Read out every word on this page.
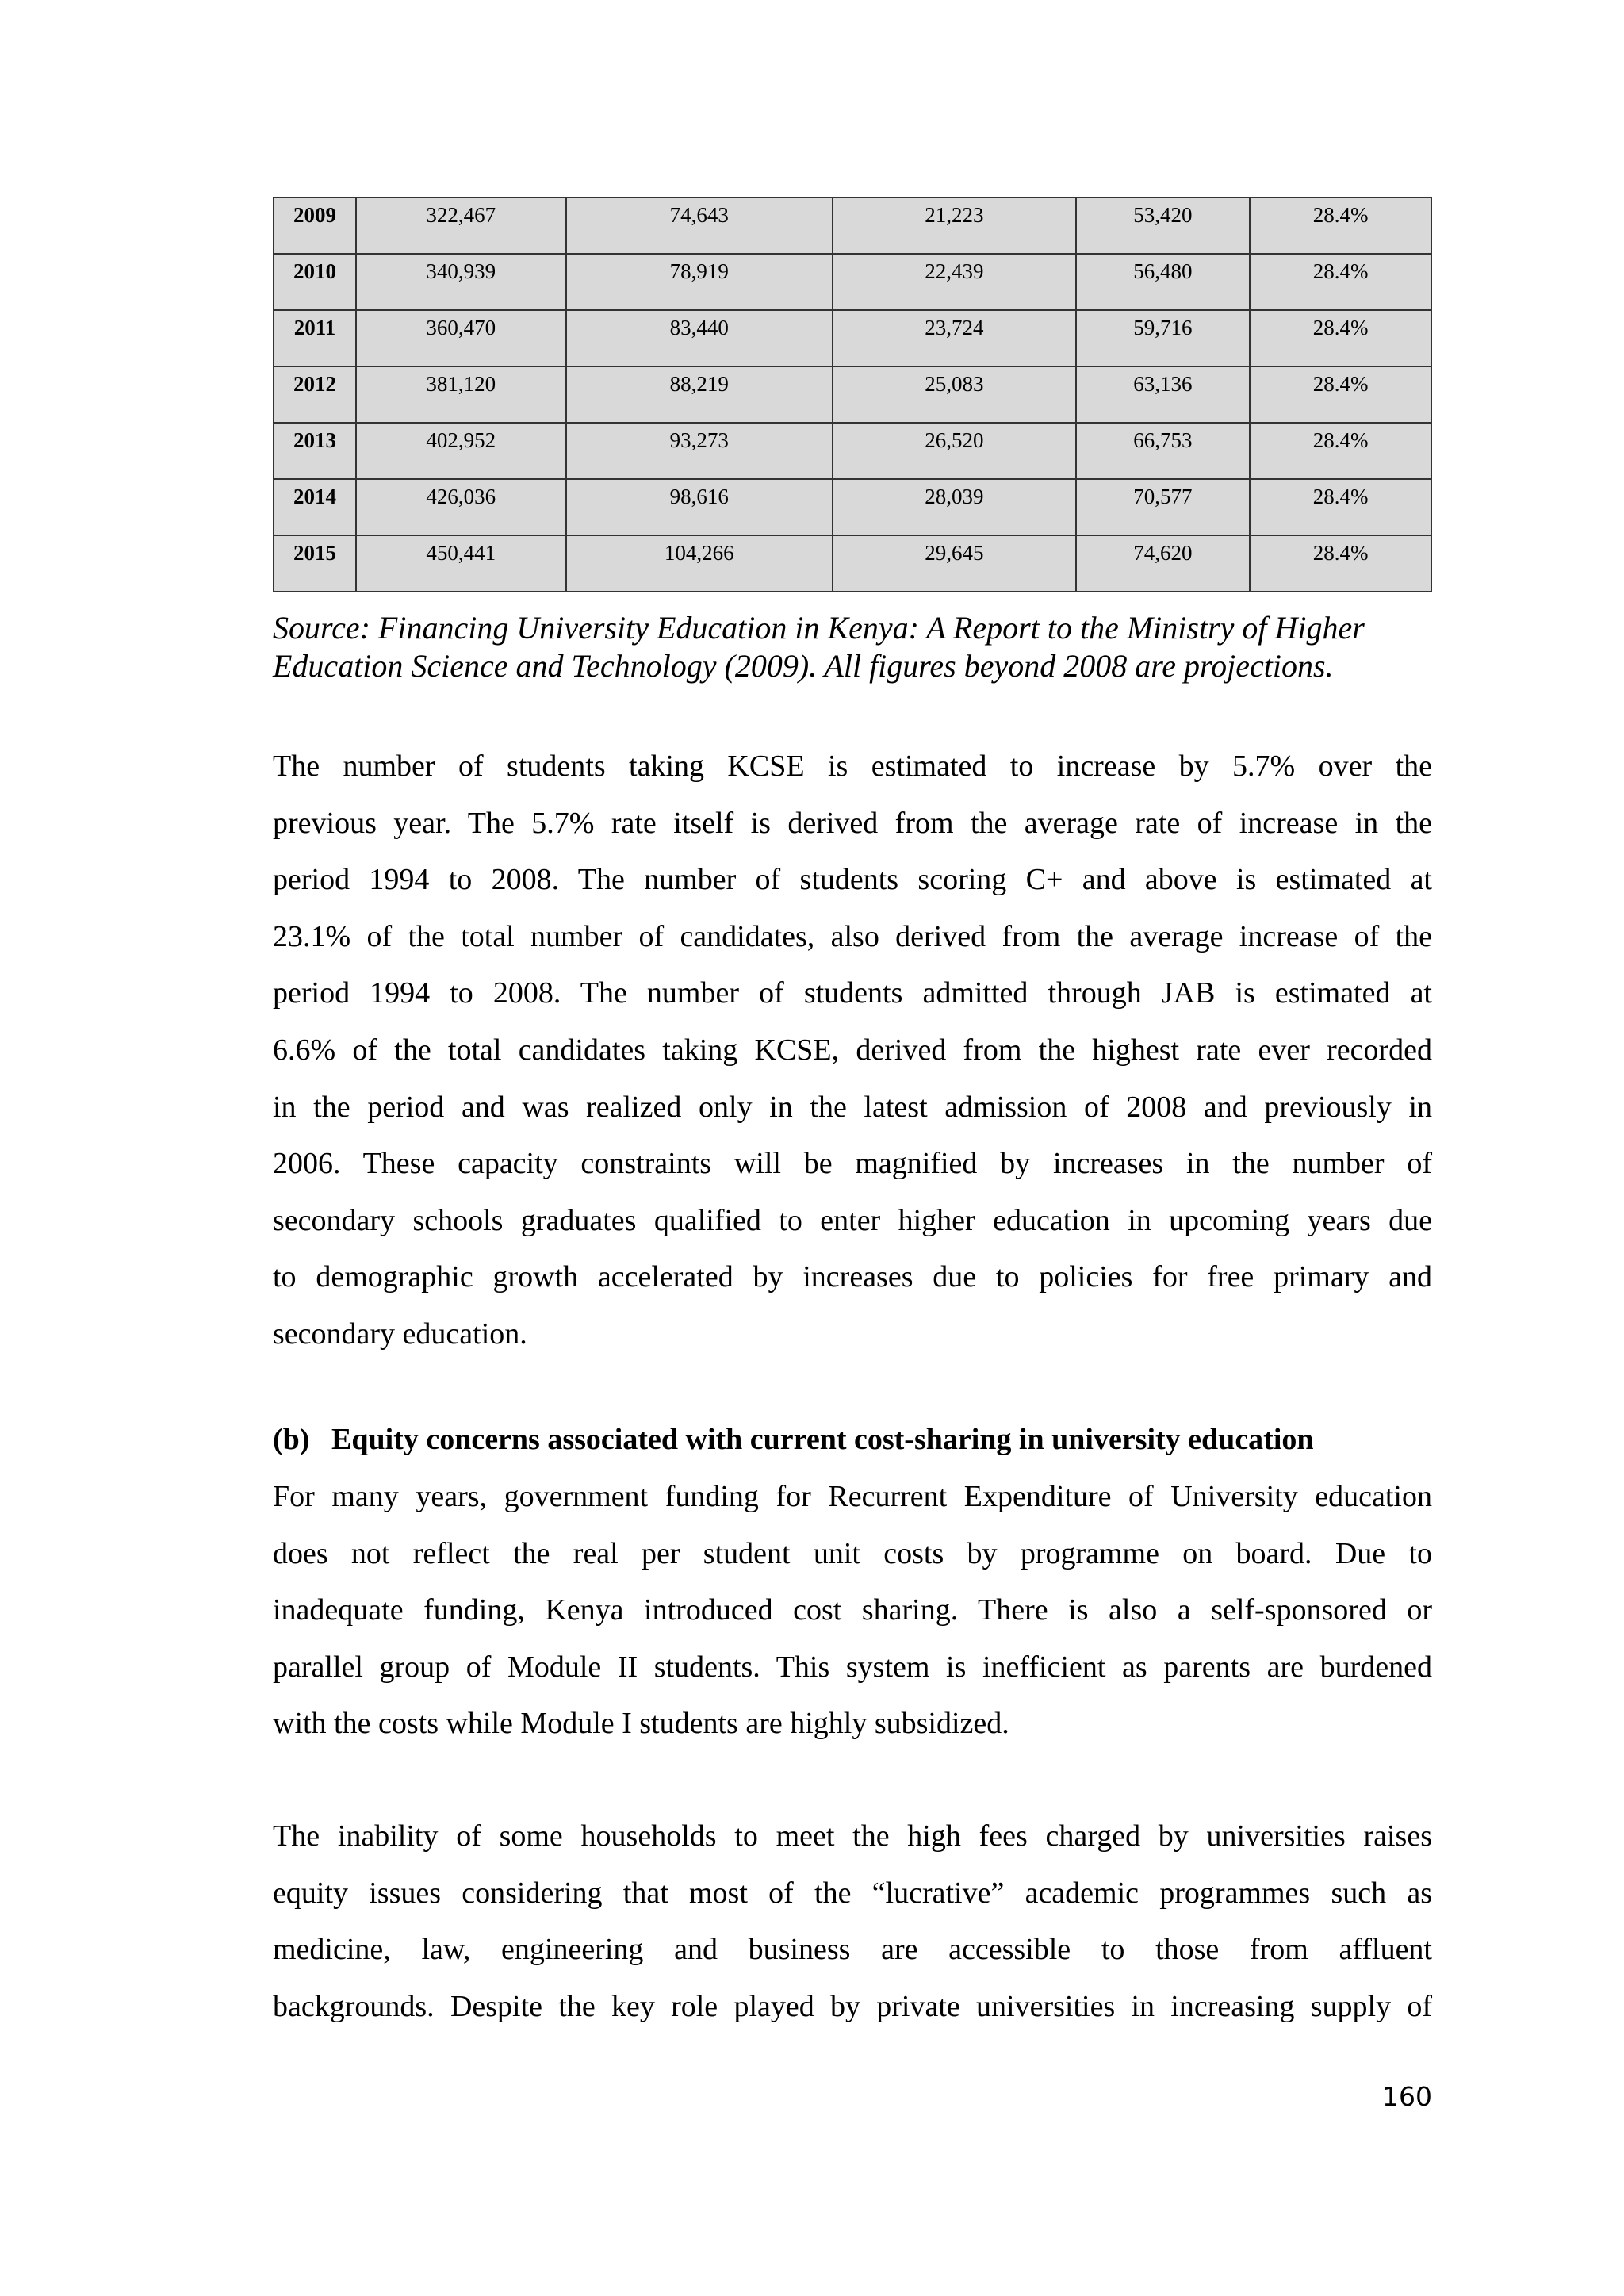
2009	322,467	74,643	21,223	53,420	28.4%
2010	340,939	78,919	22,439	56,480	28.4%
2011	360,470	83,440	23,724	59,716	28.4%
2012	381,120	88,219	25,083	63,136	28.4%
2013	402,952	93,273	26,520	66,753	28.4%
2014	426,036	98,616	28,039	70,577	28.4%
2015	450,441	104,266	29,645	74,620	28.4%
Source: Financing University Education in Kenya: A Report to the Ministry of Higher
Education Science and Technology (2009). All figures beyond 2008 are projections.
The number of students taking KCSE is estimated to increase by 5.7% over the
previous year. The 5.7% rate itself is derived from the average rate of increase in the
period 1994 to 2008. The number of students scoring C+ and above is estimated at
23.1% of the total number of candidates, also derived from the average increase of the
period 1994 to 2008. The number of students admitted through JAB is estimated at
6.6% of the total candidates taking KCSE, derived from the highest rate ever recorded
in the period and was realized only in the latest admission of 2008 and previously in
2006. These capacity constraints will be magnified by increases in the number of
secondary schools graduates qualified to enter higher education in upcoming years due
to demographic growth accelerated by increases due to policies for free primary and
secondary education.
(b) Equity concerns associated with current cost-sharing in university education
For many years, government funding for Recurrent Expenditure of University education
does not reflect the real per student unit costs by programme on board. Due to
inadequate funding, Kenya introduced cost sharing. There is also a self-sponsored or
parallel group of Module II students. This system is inefficient as parents are burdened
with the costs while Module I students are highly subsidized.
The inability of some households to meet the high fees charged by universities raises
equity issues considering that most of the “lucrative” academic programmes such as
medicine, law, engineering and business are accessible to those from affluent
backgrounds. Despite the key role played by private universities in increasing supply of
160
